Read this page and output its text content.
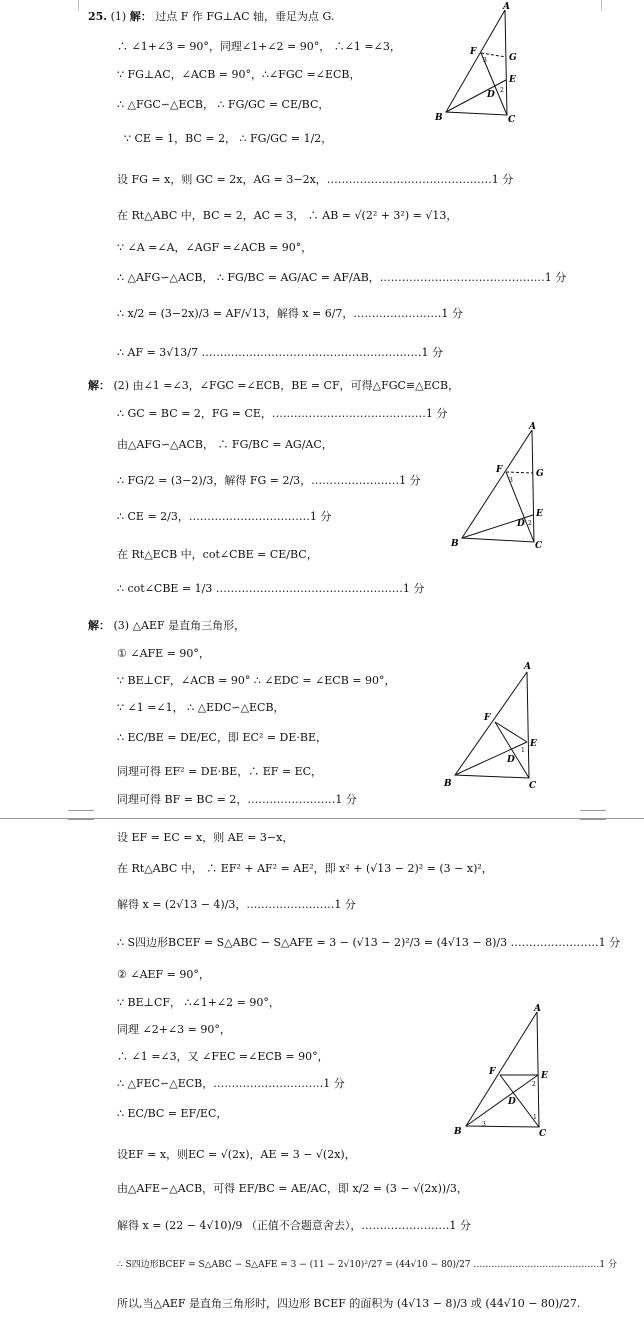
25. (1) 解： 过点 F 作 FG⊥AC 轴，垂足为点 G.
∴ ∠1+∠3 = 90°，同理∠1+∠2 = 90°， ∴∠1 =∠3，
∵ FG⊥AC，∠ACB = 90°，∴∠FGC =∠ECB，
∴ △FGC∽△ECB， ∴ FG/GC = CE/BC，
∵ CE = 1，BC = 2， ∴ FG/GC = 1/2，
设 FG = x，则 GC = 2x，AG = 3−2x，………………………………………1 分
在 Rt△ABC 中，BC = 2，AC = 3， ∴ AB = √(2² + 3²) = √13，
∵ ∠A =∠A，∠AGF =∠ACB = 90°，
∴ △AFG∽△ACB， ∴ FG/BC = AG/AC = AF/AB，………………………………………1 分
∴ x/2 = (3−2x)/3 = AF/√13，解得 x = 6/7，……………………1 分
∴ AF = 3√13/7 ……………………………………………………1 分
A
F
G
E
D
B	C
3
2
解： (2) 由∠1 =∠3，∠FGC =∠ECB，BE = CF，可得△FGC≌△ECB，
∴ GC = BC = 2，FG = CE，……………………………………1 分
由△AFG∽△ACB， ∴ FG/BC = AG/AC，
∴ FG/2 = (3−2)/3，解得 FG = 2/3，……………………1 分
∴ CE = 2/3，……………………………1 分
在 Rt△ECB 中，cot∠CBE = CE/BC，
∴ cot∠CBE = 1/3 ……………………………………………1 分
A
F	G
E
D
B	C
3
2
解： (3) △AEF 是直角三角形，
① ∠AFE = 90°，
∵ BE⊥CF，∠ACB = 90° ∴ ∠EDC = ∠ECB = 90°，
∵ ∠1 =∠1， ∴ △EDC∽△ECB，
∴ EC/BE = DE/EC，即 EC² = DE·BE，
同理可得 EF² = DE·BE，∴ EF = EC，
同理可得 BF = BC = 2，……………………1 分
A
F
E
D
B	C
1
设 EF = EC = x，则 AE = 3−x，
在 Rt△ABC 中， ∴ EF² + AF² = AE²，即 x² + (√13 − 2)² = (3 − x)²，
解得 x = (2√13 − 4)/3，……………………1 分
∴ S四边形BCEF = S△ABC − S△AFE = 3 − (√13 − 2)²/3 = (4√13 − 8)/3 ……………………1 分
② ∠AEF = 90°，
∵ BE⊥CF， ∴∠1+∠2 = 90°，
同理 ∠2+∠3 = 90°，
∴ ∠1 =∠3，又 ∠FEC =∠ECB = 90°，
∴ △FEC∽△ECB，…………………………1 分
∴ EC/BC = EF/EC，
设EF = x，则EC = √(2x)，AE = 3 − √(2x)，
由△AFE∽△ACB，可得 EF/BC = AE/AC，即 x/2 = (3 − √(2x))/3，
解得 x = (22 − 4√10)/9 （正值不合题意舍去），……………………1 分
∴ S四边形BCEF = S△ABC − S△AFE = 3 − (11 − 2√10)²/27 = (44√10 − 80)/27 ……………………………………1 分
所以,当△AEF 是直角三角形时，四边形 BCEF 的面积为 (4√13 − 8)/3 或 (44√10 − 80)/27.
A
F	E
D
B	C
2
1
3
